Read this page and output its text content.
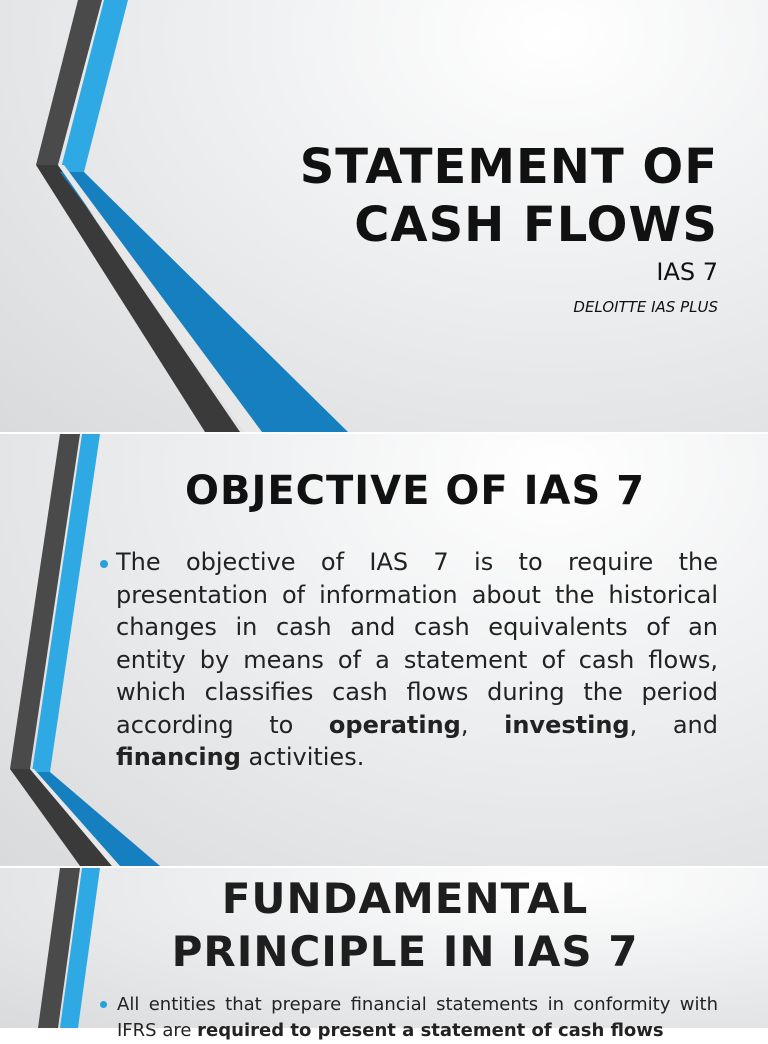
STATEMENT OF
CASH FLOWS
IAS 7
DELOITTE IAS PLUS
OBJECTIVE OF IAS 7

The objective of IAS 7 is to require the presentation of information about the historical changes in cash and cash equivalents of an entity by means of a statement of cash flows, which classifies cash flows during the period according to operating, investing, and financing activities.

FUNDAMENTAL
PRINCIPLE IN IAS 7

All entities that prepare financial statements in conformity with IFRS are required to present a statement of cash flows
